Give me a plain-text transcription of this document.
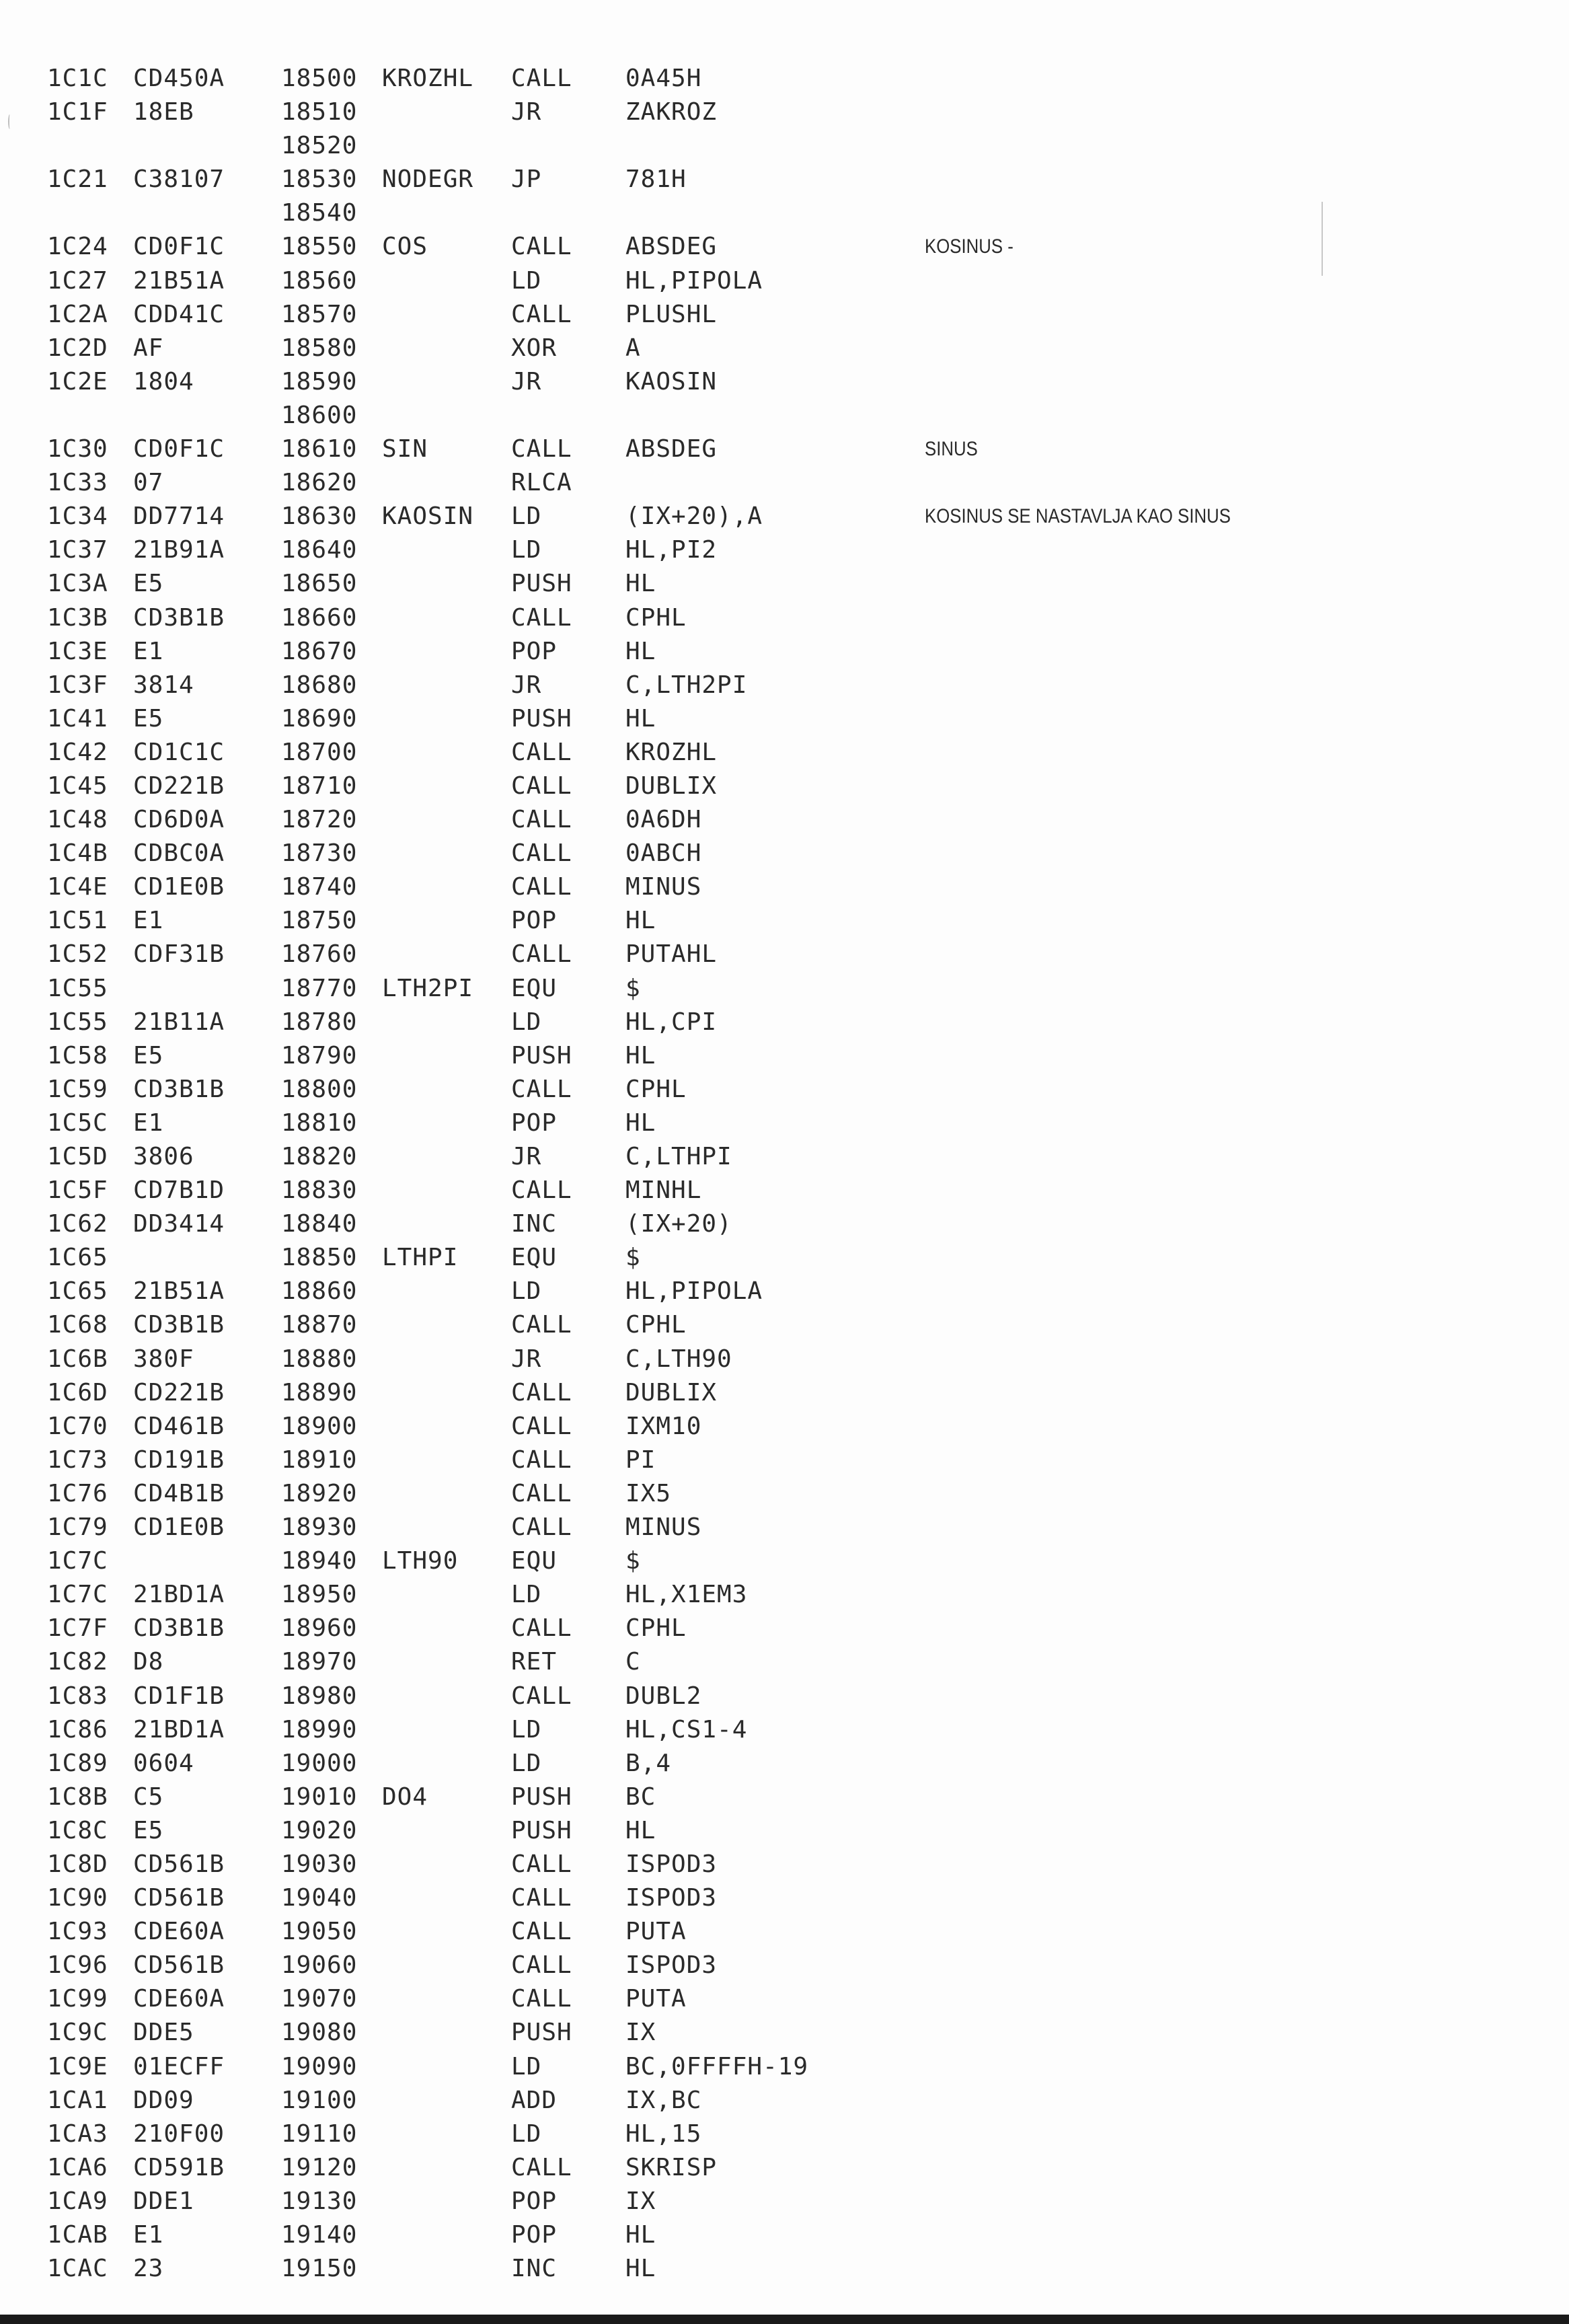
1C1C CD450A 18500 KROZHL CALL 0A45H
1C1F 18EB	18510	JR	ZAKROZ
18520
1C21 C38107 18530 NODEGR JP	781H
18540
1C24 CD0F1C 18550 COS	CALL ABSDEG	KOSINUS -
1C27 21B51A 18560	LD	HL,PIPOLA
1C2A CDD41C 18570	CALL PLUSHL
1C2D AF	18580	XOR	A
1C2E 1804	18590	JR	KAOSIN
18600
1C30 CD0F1C 18610 SIN	CALL ABSDEG	SINUS
1C33 07	18620	RLCA
1C34 DD7714 18630 KAOSIN LD	(IX+20),A	KOSINUS SE NASTAVLJA KAO SINUS
1C37 21B91A 18640	LD	HL,PI2
1C3A E5	18650	PUSH HL
1C3B CD3B1B 18660	CALL CPHL
1C3E E1	18670	POP	HL
1C3F 3814	18680	JR	C,LTH2PI
1C41 E5	18690	PUSH HL
1C42 CD1C1C 18700	CALL KROZHL
1C45 CD221B 18710	CALL DUBLIX
1C48 CD6D0A 18720	CALL 0A6DH
1C4B CDBC0A 18730	CALL 0ABCH
1C4E CD1E0B 18740	CALL MINUS
1C51 E1	18750	POP	HL
1C52 CDF31B 18760	CALL PUTAHL
1C55	18770 LTH2PI EQU	$
1C55 21B11A 18780	LD	HL,CPI
1C58 E5	18790	PUSH HL
1C59 CD3B1B 18800	CALL CPHL
1C5C E1	18810	POP	HL
1C5D 3806	18820	JR	C,LTHPI
1C5F CD7B1D 18830	CALL MINHL
1C62 DD3414 18840	INC	(IX+20)
1C65	18850 LTHPI EQU	$
1C65 21B51A 18860	LD	HL,PIPOLA
1C68 CD3B1B 18870	CALL CPHL
1C6B 380F	18880	JR	C,LTH90
1C6D CD221B 18890	CALL DUBLIX
1C70 CD461B 18900	CALL IXM10
1C73 CD191B 18910	CALL PI
1C76 CD4B1B 18920	CALL IX5
1C79 CD1E0B 18930	CALL MINUS
1C7C	18940 LTH90 EQU	$
1C7C 21BD1A 18950	LD	HL,X1EM3
1C7F CD3B1B 18960	CALL CPHL
1C82 D8	18970	RET	C
1C83 CD1F1B 18980	CALL DUBL2
1C86 21BD1A 18990	LD	HL,CS1-4
1C89 0604	19000	LD	B,4
1C8B C5	19010 DO4	PUSH BC
1C8C E5	19020	PUSH HL
1C8D CD561B 19030	CALL ISPOD3
1C90 CD561B 19040	CALL ISPOD3
1C93 CDE60A 19050	CALL PUTA
1C96 CD561B 19060	CALL ISPOD3
1C99 CDE60A 19070	CALL PUTA
1C9C DDE5	19080	PUSH IX
1C9E 01ECFF 19090	LD	BC,0FFFFH-19
1CA1 DD09	19100	ADD	IX,BC
1CA3 210F00 19110	LD	HL,15
1CA6 CD591B 19120	CALL SKRISP
1CA9 DDE1	19130	POP	IX
1CAB E1	19140	POP	HL
1CAC 23	19150	INC	HL
